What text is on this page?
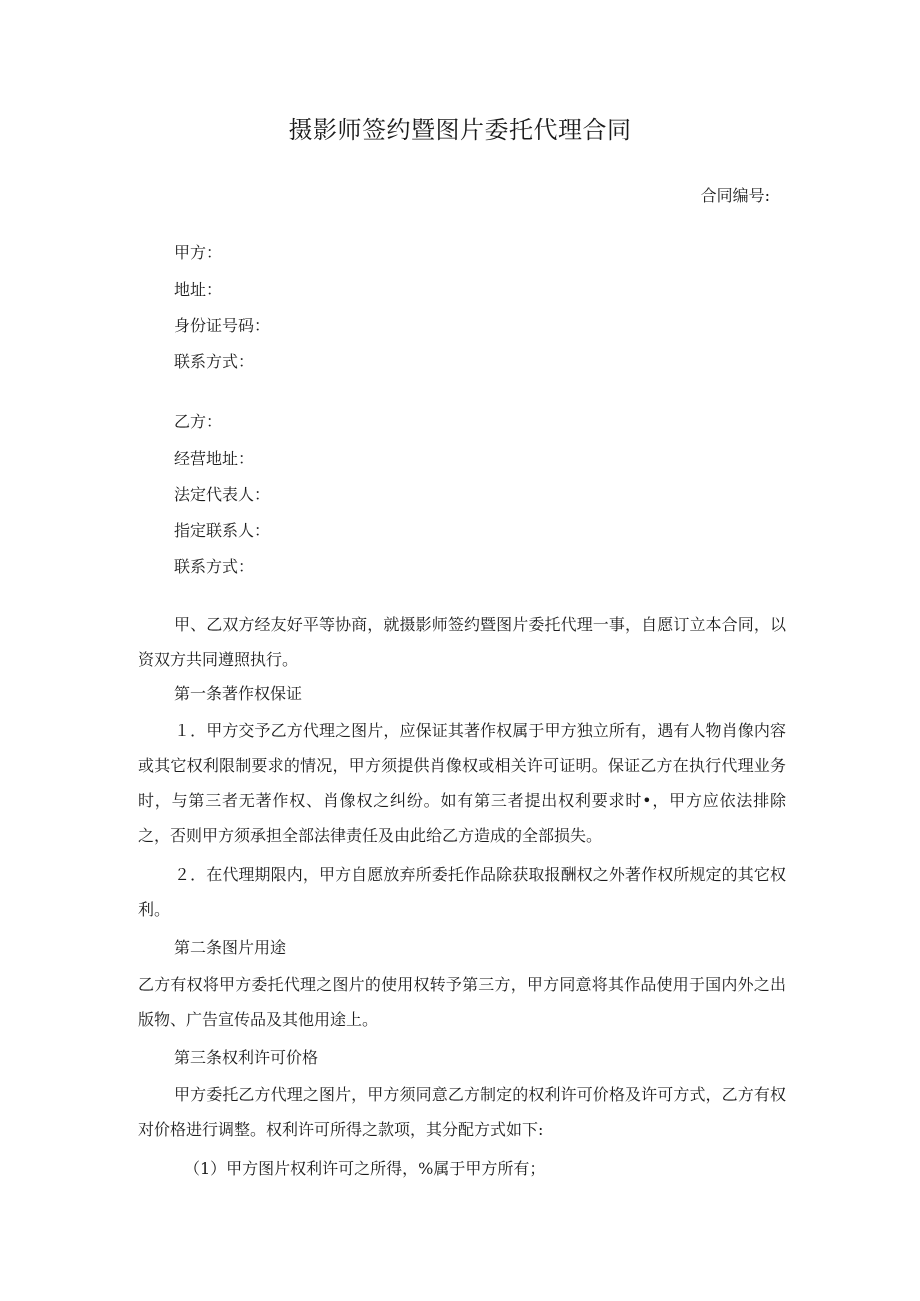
摄影师签约暨图片委托代理合同
合同编号:
甲方：
地址：
身份证号码：
联系方式：
乙方：
经营地址：
法定代表人：
指定联系人：
联系方式：
甲、乙双方经友好平等协商，就摄影师签约暨图片委托代理一事，自愿订立本合同，以资双方共同遵照执行。
第一条著作权保证
１．甲方交予乙方代理之图片，应保证其著作权属于甲方独立所有，遇有人物肖像内容或其它权利限制要求的情况，甲方须提供肖像权或相关许可证明。保证乙方在执行代理业务时，与第三者无著作权、肖像权之纠纷。如有第三者提出权利要求时•，甲方应依法排除之，否则甲方须承担全部法律责任及由此给乙方造成的全部损失。
２．在代理期限内，甲方自愿放弃所委托作品除获取报酬权之外著作权所规定的其它权利。
第二条图片用途
乙方有权将甲方委托代理之图片的使用权转予第三方，甲方同意将其作品使用于国内外之出版物、广告宣传品及其他用途上。
第三条权利许可价格
甲方委托乙方代理之图片，甲方须同意乙方制定的权利许可价格及许可方式，乙方有权对价格进行调整。权利许可所得之款项，其分配方式如下:
（1）甲方图片权利许可之所得，%属于甲方所有；
